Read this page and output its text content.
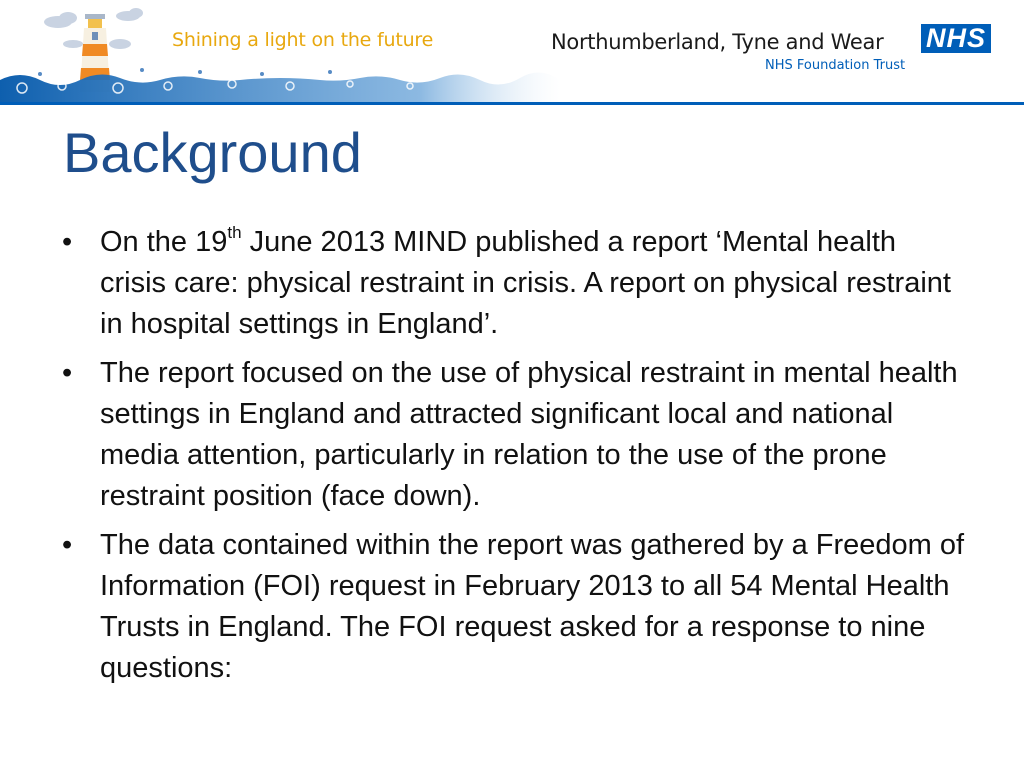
Shining a light on the future	Northumberland, Tyne and Wear NHS
NHS Foundation Trust
Background
• On the 19th June 2013 MIND published a report ‘Mental health crisis care: physical restraint in crisis. A report on physical restraint in hospital settings in England’.
• The report focused on the use of physical restraint in mental health settings in England and attracted significant local and national media attention, particularly in relation to the use of the prone restraint position (face down).
• The data contained within the report was gathered by a Freedom of Information (FOI) request in February 2013 to all 54 Mental Health Trusts in England. The FOI request asked for a response to nine questions:
